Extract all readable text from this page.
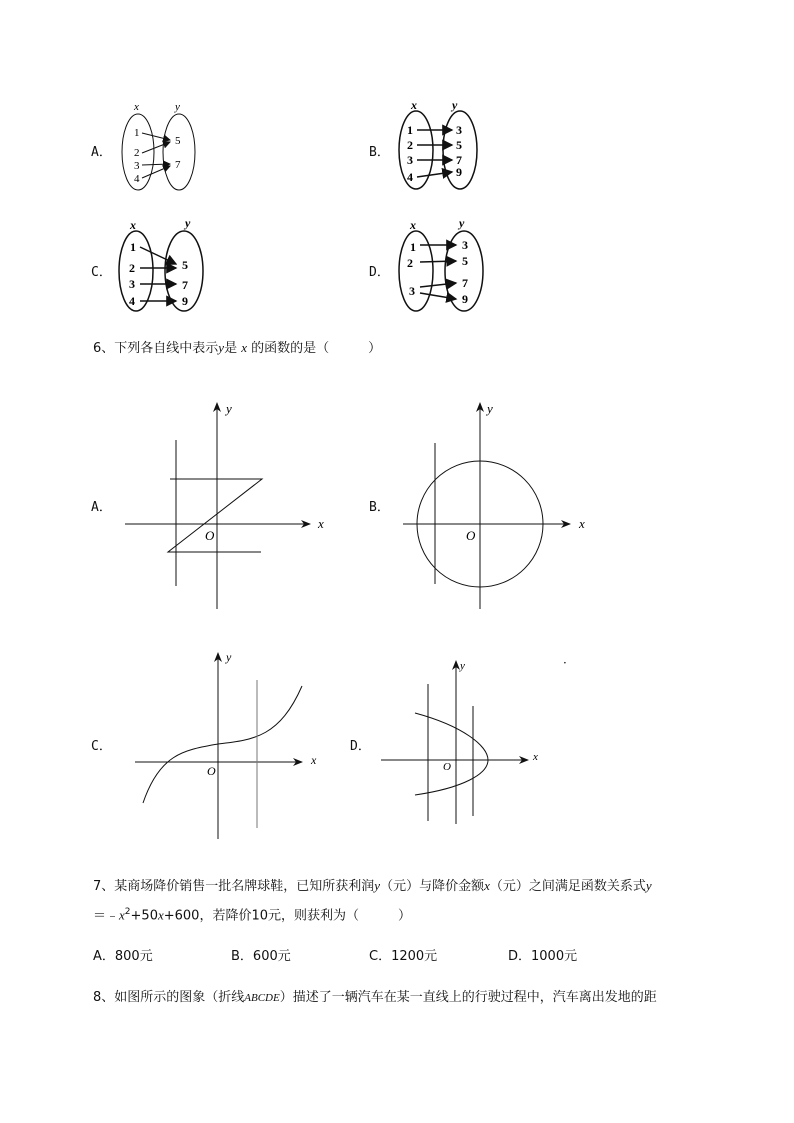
A．
x	y
1
2
3
4
5
7
B．
x	y
1
2
3
4
3
5
7
9
C．
x	y
1
2
3
4
5
7
9
D．
x	y
1
2
3
3
5
7
9
6、下列各自线中表示y是 x 的函数的是（　　　）
A．
x
y
O
B．
x
y
O
C．
x
y
O
D．
x
y
O
·
7、某商场降价销售一批名牌球鞋，已知所获利润y（元）与降价金额x（元）之间满足函数关系式y
$=﹣x^2+50x+600$，若降价10元，则获利为（　　　）
A．800元	B．600元	C．1200元	D．1000元
8、如图所示的图象（折线ABCDE）描述了一辆汽车在某一直线上的行驶过程中，汽车离出发地的距
